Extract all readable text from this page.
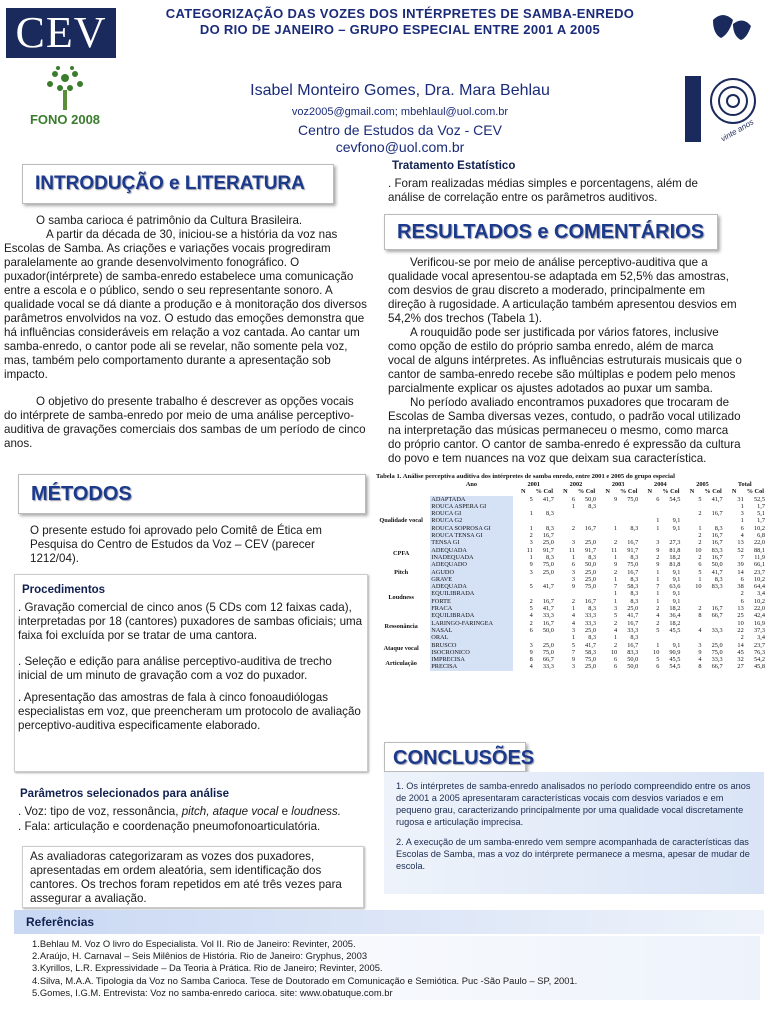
CEV
FONO 2008
CATEGORIZAÇÃO DAS VOZES DOS INTÉRPRETES DE SAMBA-ENREDO
DO RIO DE JANEIRO – GRUPO ESPECIAL ENTRE 2001 A 2005
Isabel Monteiro Gomes, Dra. Mara Behlau
voz2005@gmail.com; mbehlaul@uol.com.br
Centro de Estudos da Voz - CEV
cevfono@uol.com.br
vinte anos
INTRODUÇÃO e LITERATURA

O samba carioca é patrimônio da Cultura Brasileira.

A partir da década de 30, iniciou-se a história da voz nas

Escolas de Samba. As criações e variações vocais progrediram paralelamente ao grande desenvolvimento fonográfico. O puxador(intérprete) de samba-enredo estabelece uma comunicação entre a escola e o público, sendo o seu representante sonoro. A qualidade vocal se dá diante a produção e à monitoração dos diversos parâmetros envolvidos na voz. O estudo das emoções demonstra que há influências consideráveis em relação a voz cantada. Ao cantar um samba-enredo, o cantor pode ali se revelar, não somente pela voz, mas, também pelo comportamento durante a apresentação sob impacto.

O objetivo do presente trabalho é descrever as opções vocais do intérprete de samba-enredo por meio de uma análise perceptivo-auditiva de gravações comerciais dos sambas de um período de cinco anos.

MÉTODOS
O presente estudo foi aprovado pelo Comitê de Ética em Pesquisa do Centro de Estudos da Voz – CEV (parecer 1212/04).
Procedimentos
. Gravação comercial de cinco anos (5 CDs com 12 faixas cada), interpretadas por 18 (cantores) puxadores de sambas oficiais; uma faixa foi excluída por se tratar de uma cantora.
. Seleção e edição para análise perceptivo-auditiva de trecho inicial de um minuto de gravação com a voz do puxador.
. Apresentação das amostras de fala à cinco fonoaudiólogas especialistas em voz, que preencheram um protocolo de avaliação perceptivo-auditiva especificamente elaborado.
Parâmetros selecionados para análise
. Voz: tipo de voz, ressonância, pitch, ataque vocal e loudness.
. Fala: articulação e coordenação pneumofonoarticulatória.
As avaliadoras categorizaram as vozes dos puxadores, apresentadas em ordem aleatória, sem identificação dos cantores. Os trechos foram repetidos em até três vezes para assegurar a avaliação.
Tratamento Estatístico
. Foram realizadas médias simples e porcentagens, além de análise de correlação entre os parâmetros auditivos.
RESULTADOS e COMENTÁRIOS

Verificou-se por meio de análise perceptivo-auditiva que a qualidade vocal apresentou-se adaptada em 52,5% das amostras, com desvios de grau discreto a moderado, principalmente em direção à rugosidade. A articulação também apresentou desvios em 54,2% dos trechos (Tabela 1).

A rouquidão pode ser justificada por vários fatores, inclusive como opção de estilo do próprio samba enredo, além de marca vocal de alguns intérpretes. As influências estruturais musicais que o cantor de samba-enredo recebe são múltiplas e podem pelo menos parcialmente explicar os ajustes adotados ao puxar um samba.

No período avaliado encontramos puxadores que trocaram de Escolas de Samba diversas vezes, contudo, o padrão vocal utilizado na interpretação das músicas permaneceu o mesmo, como marca do próprio cantor. O cantor de samba-enredo é expressão da cultura do povo e tem nuances na voz que deixam sua característica.

Tabela 1. Análise perceptiva auditiva dos intérpretes de samba enredo, entre 2001 e 2005 do grupo especial
	Ano	2001		2002		2003		2004		2005		Total	
		N	% Col	N	% Col	N	% Col	N	% Col	N	% Col	N	% Col
Qualidade vocal	ADAPTADA	5	41,7	6	50,0	9	75,0	6	54,5	5	41,7	31	52,5
	ROUCA ASPERA GI			1	8,3							1	1,7
	ROUCA GI	1	8,3							2	16,7	3	5,1
	ROUCA G2							1	9,1			1	1,7
	ROUCA SOPROSA GI	1	8,3	2	16,7	1	8,3	1	9,1	1	8,3	6	10,2
	ROUCA TENSA GI	2	16,7							2	16,7	4	6,8
	TENSA GI	3	25,0	3	25,0	2	16,7	3	27,3	2	16,7	13	22,0
CPFA	ADEQUADA	11	91,7	11	91,7	11	91,7	9	81,8	10	83,3	52	88,1
	INADEQUADA	1	8,3	1	8,3	1	8,3	2	18,2	2	16,7	7	11,9
Pitch	ADEQUADO	9	75,0	6	50,0	9	75,0	9	81,8	6	50,0	39	66,1
	AGUDO	3	25,0	3	25,0	2	16,7	1	9,1	5	41,7	14	23,7
	GRAVE			3	25,0	1	8,3	1	9,1	1	8,3	6	10,2
Loudness	ADEQUADA	5	41,7	9	75,0	7	58,3	7	63,6	10	83,3	38	64,4
	EQUILIBRADA					1	8,3	1	9,1			2	3,4
	FORTE	2	16,7	2	16,7	1	8,3	1	9,1			6	10,2
	FRACA	5	41,7	1	8,3	3	25,0	2	18,2	2	16,7	13	22,0
Ressonância	EQUILIBRADA	4	33,3	4	33,3	5	41,7	4	36,4	8	66,7	25	42,4
	LARINGO-FARINGEA	2	16,7	4	33,3	2	16,7	2	18,2			10	16,9
	NASAL	6	50,0	3	25,0	4	33,3	5	45,5	4	33,3	22	37,3
	ORAL			1	8,3	1	8,3					2	3,4
Ataque vocal	BRUSCO	3	25,0	5	41,7	2	16,7	1	9,1	3	25,0	14	23,7
	ISOCRONICO	9	75,0	7	58,3	10	83,3	10	90,9	9	75,0	45	76,3
Articulação	IMPRECISA	8	66,7	9	75,0	6	50,0	5	45,5	4	33,3	32	54,2
	PRECISA	4	33,3	3	25,0	6	50,0	6	54,5	8	66,7	27	45,8
CONCLUSÕES
1. Os intérpretes de samba-enredo analisados no período compreendido entre os anos de 2001 a 2005 apresentaram características vocais com desvios variados e em pequeno grau, caracterizando principalmente por uma qualidade vocal discretamente rugosa e articulação imprecisa.
2. A execução de um samba-enredo vem sempre acompanhada de características das Escolas de Samba, mas a voz do intérprete permanece a mesma, apesar de mudar de escola.
Referências
1.Behlau M. Voz O livro do Especialista. Vol II. Rio de Janeiro: Revinter, 2005.
2.Araújo, H. Carnaval – Seis Milênios de História. Rio de Janeiro: Gryphus, 2003
3.Kyrillos, L.R. Expressividade – Da Teoria à Prática. Rio de Janeiro; Revinter, 2005.
4.Silva, M.A.A. Tipologia da Voz no Samba Carioca. Tese de Doutorado em Comunicação e Semiótica. Puc -São Paulo – SP, 2001.
5.Gomes, I.G.M. Entrevista: Voz no samba-enredo carioca. site: www.obatuque.com.br
